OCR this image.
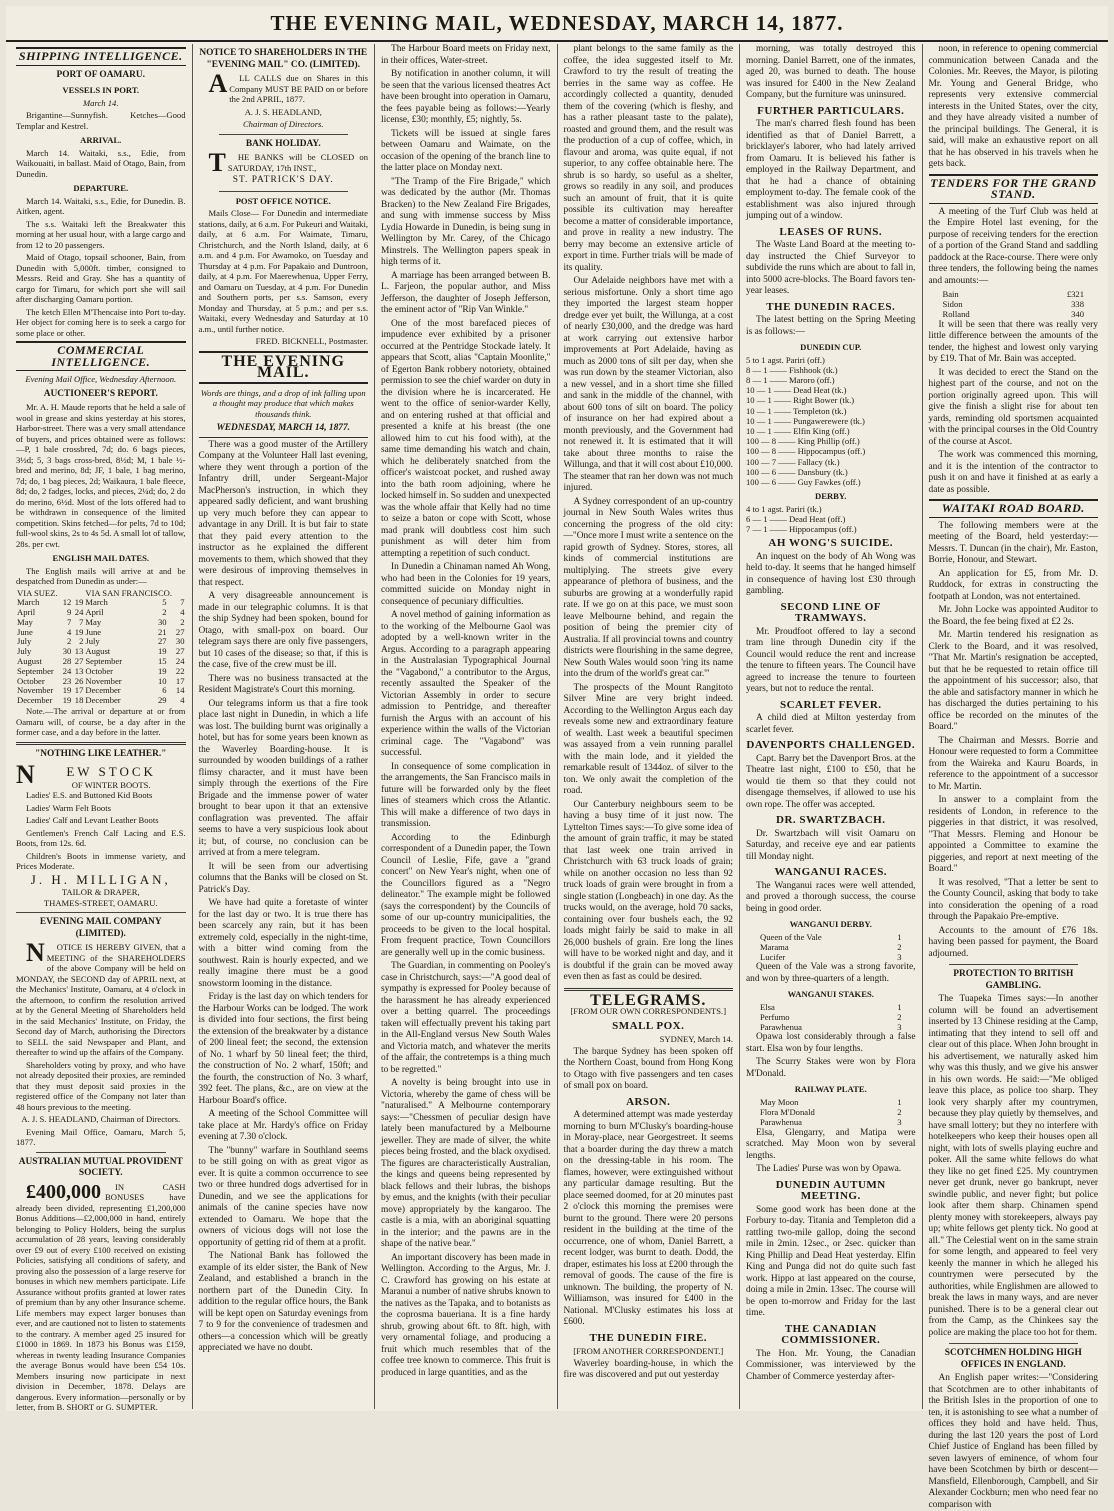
THE EVENING MAIL, WEDNESDAY, MARCH 14, 1877.
SHIPPING INTELLIGENCE.
PORT OF OAMARU.
VESSELS IN PORT.

March 14.

Brigantine—Sunnyfish. Ketches—Good Templar and Kestrel.

ARRIVAL.

March 14. Waitaki, s.s., Edie, from Waikouaiti, in ballast. Maid of Otago, Bain, from Dunedin.

DEPARTURE.

March 14. Waitaki, s.s., Edie, for Dunedin. B. Aitken, agent.

The s.s. Waitaki left the Breakwater this morning at her usual hour, with a large cargo and from 12 to 20 passengers.

Maid of Otago, topsail schooner, Bain, from Dunedin with 5,000ft. timber, consigned to Messrs. Reid and Gray. She has a quantity of cargo for Timaru, for which port she will sail after discharging Oamaru portion.

The ketch Ellen M'Thencaise into Port to-day. Her object for coming here is to seek a cargo for some place or other.

COMMERCIAL INTELLIGENCE.

Evening Mail Office, Wednesday Afternoon.

AUCTIONEER'S REPORT.

Mr. A. H. Maude reports that he held a sale of wool in grease and skins yesterday at his stores, Harbor-street. There was a very small attendance of buyers, and prices obtained were as follows:—P, 1 bale crossbred, 7d; do. 6 bags pieces, 3½d; 5, 3 bags cross-bred, 8½d; M, 1 bale ½-bred and merino, 8d; JF, 1 bale, 1 bag merino, 7d; do, 1 bag pieces, 2d; Waikaura, 1 bale fleece, 8d; do, 2 fadges, locks, and pieces, 2¼d; do, 2 do do merino, 6½d. Most of the lots offered had to be withdrawn in consequence of the limited competition. Skins fetched—for pelts, 7d to 10d; full-wool skins, 2s to 4s 5d. A small lot of tallow, 28s. per cwt.

ENGLISH MAIL DATES.

The English mails will arrive at and be despatched from Dunedin as under:—

VIA SUEZ.			VIA SAN FRANCISCO.		
March	12	19	March	5	7
April	9	24	April	2	4
May	7	7	May	30	2
June	4	19	June	21	27
July	2	2	July	27	30
July	30	13	August	19	27
August	28	27	September	15	24
September	24	13	October	19	22
October	23	26	November	10	17
November	19	17	December	6	14
December	19	18	December	29	4

Note.—The arrival or departure at or from Oamaru will, of course, be a day after in the former case, and a day before in the latter.

"NOTHING LIKE LEATHER."
N	EW STOCK
OF WINTER BOOTS.

Ladies' E.S. and Buttoned Kid Boots

Ladies' Warm Felt Boots

Ladies' Calf and Levant Leather Boots

Gentlemen's French Calf Lacing and E.S. Boots, from 12s. 6d.

Children's Boots in immense variety, and Prices Moderate.

J. H. MILLIGAN,
TAILOR & DRAPER,
THAMES-STREET, OAMARU.
EVENING MAIL COMPANY (LIMITED).

N OTICE IS HEREBY GIVEN, that a MEETING of the SHAREHOLDERS of the above Company will be held on MONDAY, the SECOND day of APRIL next, at the Mechanics' Institute, Oamaru, at 4 o'clock in the afternoon, to confirm the resolution arrived at by the General Meeting of Shareholders held in the said Mechanics' Institute, on Friday, the Second day of March, authorising the Directors to SELL the said Newspaper and Plant, and thereafter to wind up the affairs of the Company.

Shareholders voting by proxy, and who have not already deposited their proxies, are reminded that they must deposit said proxies in the registered office of the Company not later than 48 hours previous to the meeting.

A. J. S. HEADLAND, Chairman of Directors.

Evening Mail Office, Oamaru, March 5, 1877.

AUSTRALIAN MUTUAL PROVIDENT SOCIETY.

£400,000 IN CASH BONUSES have already been divided, representing £1,200,000 Bonus Additions—£2,000,000 in hand, entirely belonging to Policy Holders, being the surplus accumulation of 28 years, leaving considerably over £9 out of every £100 received on existing Policies, satisfying all conditions of safety, and proving also the possession of a large reserve for bonuses in which new members participate. Life Assurance without profits granted at lower rates of premium than by any other Insurance scheme. Life members may expect larger bonuses than ever, and are cautioned not to listen to statements to the contrary. A member aged 25 insured for £1000 in 1869. In 1873 his Bonus was £159, whereas in twenty leading Insurance Companies the average Bonus would have been £54 10s. Members insuring now participate in next division in December, 1878. Delays are dangerous. Every information—personally or by letter, from B. SHORT or G. SUMPTER.

NOTICE TO SHAREHOLDERS IN THE "EVENING MAIL" CO. (LIMITED).

A LL CALLS due on Shares in this Company MUST BE PAID on or before the 2nd APRIL, 1877.

A. J. S. HEADLAND,

Chairman of Directors.

BANK HOLIDAY.

T HE BANKS will be CLOSED on SATURDAY, 17th INST.,

ST. PATRICK'S DAY.
POST OFFICE NOTICE.

Mails Close— For Dunedin and intermediate stations, daily, at 6 a.m. For Pukeuri and Waitaki, daily, at 6 a.m. For Waimate, Timaru, Christchurch, and the North Island, daily, at 6 a.m. and 4 p.m. For Awamoko, on Tuesday and Thursday at 4 p.m. For Papakaio and Duntroon, daily, at 4 p.m. For Maerewhenua, Upper Ferry, and Oamaru on Tuesday, at 4 p.m. For Dunedin and Southern ports, per s.s. Samson, every Monday and Thursday, at 5 p.m.; and per s.s. Waitaki, every Wednesday and Saturday at 10 a.m., until further notice.

FRED. BICKNELL, Postmaster.

THE EVENING MAIL.

Words are things, and a drop of ink falling upon a thought may produce that which makes thousands think.

WEDNESDAY, MARCH 14, 1877.

There was a good muster of the Artillery Company at the Volunteer Hall last evening, where they went through a portion of the Infantry drill, under Sergeant-Major MacPherson's instruction, in which they appeared sadly deficient, and want brushing up very much before they can appear to advantage in any Drill. It is but fair to state that they paid every attention to the instructor as he explained the different movements to them, which showed that they were desirous of improving themselves in that respect.

A very disagreeable announcement is made in our telegraphic columns. It is that the ship Sydney had been spoken, bound for Otago, with small-pox on board. Our telegram says there are only five passengers, but 10 cases of the disease; so that, if this is the case, five of the crew must be ill.

There was no business transacted at the Resident Magistrate's Court this morning.

Our telegrams inform us that a fire took place last night in Dunedin, in which a life was lost. The building burnt was originally a hotel, but has for some years been known as the Waverley Boarding-house. It is surrounded by wooden buildings of a rather flimsy character, and it must have been simply through the exertions of the Fire Brigade and the immense power of water brought to bear upon it that an extensive conflagration was prevented. The affair seems to have a very suspicious look about it; but, of course, no conclusion can be arrived at from a mere telegram.

It will be seen from our advertising columns that the Banks will be closed on St. Patrick's Day.

We have had quite a foretaste of winter for the last day or two. It is true there has been scarcely any rain, but it has been extremely cold, especially in the night-time, with a bitter wind coming from the southwest. Rain is hourly expected, and we really imagine there must be a good snowstorm looming in the distance.

Friday is the last day on which tenders for the Harbour Works can be lodged. The work is divided into four sections, the first being the extension of the breakwater by a distance of 200 lineal feet; the second, the extension of No. 1 wharf by 50 lineal feet; the third, the construction of No. 2 wharf, 150ft; and the fourth, the construction of No. 3 wharf, 392 feet. The plans, &c., are on view at the Harbour Board's office.

A meeting of the School Committee will take place at Mr. Hardy's office on Friday evening at 7.30 o'clock.

The "bunny" warfare in Southland seems to be still going on with as great vigor as ever. It is quite a common occurrence to see two or three hundred dogs advertised for in Dunedin, and we see the applications for animals of the canine species have now extended to Oamaru. We hope that the owners of vicious dogs will not lose the opportunity of getting rid of them at a profit.

The National Bank has followed the example of its elder sister, the Bank of New Zealand, and established a branch in the northern part of the Dunedin City. In addition to the regular office hours, the Bank will be kept open on Saturday evenings from 7 to 9 for the convenience of tradesmen and others—a concession which will be greatly appreciated we have no doubt.

The Harbour Board meets on Friday next, in their offices, Water-street.

By notification in another column, it will be seen that the various licensed theatres Act have been brought into operation in Oamaru, the fees payable being as follows:—Yearly license, £30; monthly, £5; nightly, 5s.

Tickets will be issued at single fares between Oamaru and Waimate, on the occasion of the opening of the branch line to the latter place on Monday next.

"The Tramp of the Fire Brigade," which was dedicated by the author (Mr. Thomas Bracken) to the New Zealand Fire Brigades, and sung with immense success by Miss Lydia Howarde in Dunedin, is being sung in Wellington by Mr. Carey, of the Chicago Minstrels. The Wellington papers speak in high terms of it.

A marriage has been arranged between B. L. Farjeon, the popular author, and Miss Jefferson, the daughter of Joseph Jefferson, the eminent actor of "Rip Van Winkle."

One of the most barefaced pieces of impudence ever exhibited by a prisoner occurred at the Pentridge Stockade lately. It appears that Scott, alias "Captain Moonlite," of Egerton Bank robbery notoriety, obtained permission to see the chief warder on duty in the division where he is incarcerated. He went to the office of senior-warder Kelly, and on entering rushed at that official and presented a knife at his breast (the one allowed him to cut his food with), at the same time demanding his watch and chain, which he deliberately snatched from the officer's waistcoat pocket, and rushed away into the bath room adjoining, where he locked himself in. So sudden and unexpected was the whole affair that Kelly had no time to seize a baton or cope with Scott, whose mad prank will doubtless cost him such punishment as will deter him from attempting a repetition of such conduct.

In Dunedin a Chinaman named Ah Wong, who had been in the Colonies for 19 years, committed suicide on Monday night in consequence of pecuniary difficulties.

A novel method of gaining information as to the working of the Melbourne Gaol was adopted by a well-known writer in the Argus. According to a paragraph appearing in the Australasian Typographical Journal the "Vagabond," a contributor to the Argus, recently assaulted the Speaker of the Victorian Assembly in order to secure admission to Pentridge, and thereafter furnish the Argus with an account of his experience within the walls of the Victorian criminal cage. The "Vagabond" was successful.

In consequence of some complication in the arrangements, the San Francisco mails in future will be forwarded only by the fleet lines of steamers which cross the Atlantic. This will make a difference of two days in transmission.

According to the Edinburgh correspondent of a Dunedin paper, the Town Council of Leslie, Fife, gave a "grand concert" on New Year's night, when one of the Councillors figured as a "Negro delineator." The example might be followed (says the correspondent) by the Councils of some of our up-country municipalities, the proceeds to be given to the local hospital. From frequent practice, Town Councillors are generally well up in the comic business.

The Guardian, in commenting on Pooley's case in Christchurch, says:—"A good deal of sympathy is expressed for Pooley because of the harassment he has already experienced over a betting quarrel. The proceedings taken will effectually prevent his taking part in the All-England versus New South Wales and Victoria match, and whatever the merits of the affair, the contretemps is a thing much to be regretted."

A novelty is being brought into use in Victoria, whereby the game of chess will be "naturalised." A Melbourne contemporary says:—"Chessmen of peculiar design have lately been manufactured by a Melbourne jeweller. They are made of silver, the white pieces being frosted, and the black oxydised. The figures are characteristically Australian, the kings and queens being represented by black fellows and their lubras, the bishops by emus, and the knights (with their peculiar move) appropriately by the kangaroo. The castle is a mia, with an aboriginal squatting in the interior; and the pawns are in the shape of the native bear."

An important discovery has been made in Wellington. According to the Argus, Mr. J. C. Crawford has growing on his estate at Maranui a number of native shrubs known to the natives as the Tapaka, and to botanists as the coprosma baueriana. It is a fine hardy shrub, growing about 6ft. to 8ft. high, with very ornamental foliage, and producing a fruit which much resembles that of the coffee tree known to commerce. This fruit is produced in large quantities, and as the

plant belongs to the same family as the coffee, the idea suggested itself to Mr. Crawford to try the result of treating the berries in the same way as coffee. He accordingly collected a quantity, denuded them of the covering (which is fleshy, and has a rather pleasant taste to the palate), roasted and ground them, and the result was the production of a cup of coffee, which, in flavour and aroma, was quite equal, if not superior, to any coffee obtainable here. The shrub is so hardy, so useful as a shelter, grows so readily in any soil, and produces such an amount of fruit, that it is quite possible its cultivation may hereafter become a matter of considerable importance, and prove in reality a new industry. The berry may become an extensive article of export in time. Further trials will be made of its quality.

Our Adelaide neighbors have met with a serious misfortune. Only a short time ago they imported the largest steam hopper dredge ever yet built, the Willunga, at a cost of nearly £30,000, and the dredge was hard at work carrying out extensive harbor improvements at Port Adelaide, having as much as 2000 tons of silt per day, when she was run down by the steamer Victorian, also a new vessel, and in a short time she filled and sank in the middle of the channel, with about 600 tons of silt on board. The policy of insurance on her had expired about a month previously, and the Government had not renewed it. It is estimated that it will take about three months to raise the Willunga, and that it will cost about £10,000. The steamer that ran her down was not much injured.

A Sydney correspondent of an up-country journal in New South Wales writes thus concerning the progress of the old city:—"Once more I must write a sentence on the rapid growth of Sydney. Stores, stores, all kinds of commercial institutions are multiplying. The streets give every appearance of plethora of business, and the suburbs are growing at a wonderfully rapid rate. If we go on at this pace, we must soon leave Melbourne behind, and regain the position of being the premier city of Australia. If all provincial towns and country districts were flourishing in the same degree, New South Wales would soon 'ring its name into the drum of the world's great car.'"

The prospects of the Mount Rangitoto Silver Mine are very bright indeed. According to the Wellington Argus each day reveals some new and extraordinary feature of wealth. Last week a beautiful specimen was assayed from a vein running parallel with the main lode, and it yielded the remarkable result of 1344oz. of silver to the ton. We only await the completion of the road.

Our Canterbury neighbours seem to be having a busy time of it just now. The Lyttelton Times says:—To give some idea of the amount of grain traffic, it may be stated that last week one train arrived in Christchurch with 63 truck loads of grain; while on another occasion no less than 92 truck loads of grain were brought in from a single station (Longbeach) in one day. As the trucks would, on the average, hold 70 sacks, containing over four bushels each, the 92 loads might fairly be said to make in all 26,000 bushels of grain. Ere long the lines will have to be worked night and day, and it is doubtful if the grain can be moved away even then as fast as could be desired.

TELEGRAMS.

[FROM OUR OWN CORRESPONDENTS.]

SMALL POX.

SYDNEY, March 14.

The barque Sydney has been spoken off the Northern Coast, bound from Hong Kong to Otago with five passengers and ten cases of small pox on board.

ARSON.

A determined attempt was made yesterday morning to burn M'Clusky's boarding-house in Moray-place, near Georgestreet. It seems that a boarder during the day threw a match on the dressing-table in his room. The flames, however, were extinguished without any particular damage resulting. But the place seemed doomed, for at 20 minutes past 2 o'clock this morning the premises were burnt to the ground. There were 20 persons resident in the building at the time of the occurrence, one of whom, Daniel Barrett, a recent lodger, was burnt to death. Dodd, the draper, estimates his loss at £200 through the removal of goods. The cause of the fire is unknown. The building, the property of N. Williamson, was insured for £400 in the National. M'Clusky estimates his loss at £600.

THE DUNEDIN FIRE.

[FROM ANOTHER CORRESPONDENT.]

Waverley boarding-house, in which the fire was discovered and put out yesterday

morning, was totally destroyed this morning. Daniel Barrett, one of the inmates, aged 20, was burned to death. The house was insured for £400 in the New Zealand Company, but the furniture was uninsured.

FURTHER PARTICULARS.

The man's charred flesh found has been identified as that of Daniel Barrett, a bricklayer's laborer, who had lately arrived from Oamaru. It is believed his father is employed in the Railway Department, and that he had a chance of obtaining employment to-day. The female cook of the establishment was also injured through jumping out of a window.

LEASES OF RUNS.

The Waste Land Board at the meeting to-day instructed the Chief Surveyor to subdivide the runs which are about to fall in, into 5000 acre-blocks. The Board favors ten-year leases.

THE DUNEDIN RACES.

The latest betting on the Spring Meeting is as follows:—

DUNEDIN CUP.
5 to 1 agst. Pariri (off.)
8 — 1 —— Fishhook (tk.)
8 — 1 —— Maroro (off.)
10 — 1 —— Dead Heat (tk.)
10 — 1 —— Right Bower (tk.)
10 — 1 —— Templeton (tk.)
10 — 1 —— Pungawerewere (tk.)
10 — 1 —— Elfin King (off.)
100 — 8 —— King Phillip (off.)
100 — 8 —— Hippocampus (off.)
100 — 7 —— Fallacy (tk.)
100 — 6 —— Dansbury (tk.)
100 — 6 —— Guy Fawkes (off.)
DERBY.
4 to 1 agst. Pariri (tk.)
6 — 1 —— Dead Heat (off.)
7 — 1 —— Hippocampus (off.)
AH WONG'S SUICIDE.

An inquest on the body of Ah Wong was held to-day. It seems that he hanged himself in consequence of having lost £30 through gambling.

SECOND LINE OF TRAMWAYS.

Mr. Proudfoot offered to lay a second tram line through Dunedin city if the Council would reduce the rent and increase the tenure to fifteen years. The Council have agreed to increase the tenure to fourteen years, but not to reduce the rental.

SCARLET FEVER.

A child died at Milton yesterday from scarlet fever.

DAVENPORTS CHALLENGED.

Capt. Barry bet the Davenport Bros. at the Theatre last night, £100 to £50, that he would tie them so that they could not disengage themselves, if allowed to use his own rope. The offer was accepted.

DR. SWARTZBACH.

Dr. Swartzbach will visit Oamaru on Saturday, and receive eye and ear patients till Monday night.

WANGANUI RACES.

The Wanganui races were well attended, and proved a thorough success, the course being in good order.

WANGANUI DERBY.
Queen of the Vale	1
Marama	2
Lucifer	3

Queen of the Vale was a strong favorite, and won by three-quarters of a length.

WANGANUI STAKES.
Elsa	1
Perfumo	2
Parawhenua	3

Opawa lost considerably through a false start. Elsa won by four lengths.

The Scurry Stakes were won by Flora M'Donald.

RAILWAY PLATE.
May Moon	1
Flora M'Donald	2
Parawhenua	3

Elsa, Glengarry, and Matipa were scratched. May Moon won by several lengths.

The Ladies' Purse was won by Opawa.

DUNEDIN AUTUMN MEETING.

Some good work has been done at the Forbury to-day. Titania and Templeton did a rattling two-mile gallop, doing the second mile in 2min. 12sec., or 2sec. quicker than King Phillip and Dead Heat yesterday. Elfin King and Punga did not do quite such fast work. Hippo at last appeared on the course, doing a mile in 2min. 13sec. The course will be open to-morrow and Friday for the last time.

THE CANADIAN COMMISSIONER.

The Hon. Mr. Young, the Canadian Commissioner, was interviewed by the Chamber of Commerce yesterday after-

noon, in reference to opening commercial communication between Canada and the Colonies. Mr. Reeves, the Mayor, is piloting Mr. Young and General Bridge, who represents very extensive commercial interests in the United States, over the city, and they have already visited a number of the principal buildings. The General, it is said, will make an exhaustive report on all that he has observed in his travels when he gets back.

TENDERS FOR THE GRAND STAND.

A meeting of the Turf Club was held at the Empire Hotel last evening, for the purpose of receiving tenders for the erection of a portion of the Grand Stand and saddling paddock at the Race-course. There were only three tenders, the following being the names and amounts:—

Bain	£321
Sidon	338
Rolland	340

It will be seen that there was really very little difference between the amounts of the tender, the highest and lowest only varying by £19. That of Mr. Bain was accepted.

It was decided to erect the Stand on the highest part of the course, and not on the portion originally agreed upon. This will give the finish a slight rise for about ten yards, reminding old sportsmen acquainted with the principal courses in the Old Country of the course at Ascot.

The work was commenced this morning, and it is the intention of the contractor to push it on and have it finished at as early a date as possible.

WAITAKI ROAD BOARD.

The following members were at the meeting of the Board, held yesterday:—Messrs. T. Duncan (in the chair), Mr. Easton, Borrie, Honour, and Stewart.

An application for £5, from Mr. D. Ruddock, for extras in constructing the footpath at London, was not entertained.

Mr. John Locke was appointed Auditor to the Board, the fee being fixed at £2 2s.

Mr. Martin tendered his resignation as Clerk to the Board, and it was resolved, "That Mr. Martin's resignation be accepted, but that he be requested to retain office till the appointment of his successor; also, that the able and satisfactory manner in which he has discharged the duties pertaining to his office be recorded on the minutes of the Board."

The Chairman and Messrs. Borrie and Honour were requested to form a Committee from the Waireka and Kauru Boards, in reference to the appointment of a successor to Mr. Martin.

In answer to a complaint from the residents of London, in reference to the piggeries in that district, it was resolved, "That Messrs. Fleming and Honour be appointed a Committee to examine the piggeries, and report at next meeting of the Board."

It was resolved, "That a letter be sent to the County Council, asking that body to take into consideration the opening of a road through the Papakaio Pre-emptive.

Accounts to the amount of £76 18s. having been passed for payment, the Board adjourned.

PROTECTION TO BRITISH GAMBLING.

The Tuapeka Times says:—In another column will be found an advertisement inserted by 13 Chinese residing at the Camp, intimating that they intend to sell off and clear out of this place. When John brought in his advertisement, we naturally asked him why was this thusly, and we give his answer in his own words. He said:—"Me obliged leave this place, as police too sharp. They look very sharply after my countrymen, because they play quietly by themselves, and have small lottery; but they no interfere with hotelkeepers who keep their houses open all night, with lots of swells playing euchre and poker. All the same white fellows do what they like no get fined £25. My countrymen never get drunk, never go bankrupt, never swindle public, and never fight; but police look after them sharp. Chinamen spend plenty money with storekeepers, always pay up; white fellows get plenty tick. No good at all." The Celestial went on in the same strain for some length, and appeared to feel very keenly the manner in which he alleged his countrymen were persecuted by the authorities, while Englishmen are allowed to break the laws in many ways, and are never punished. There is to be a general clear out from the Camp, as the Chinkees say the police are making the place too hot for them.

SCOTCHMEN HOLDING HIGH OFFICES IN ENGLAND.

An English paper writes:—"Considering that Scotchmen are to other inhabitants of the British Isles in the proportion of one to ten, it is astonishing to see what a number of offices they hold and have held. Thus, during the last 120 years the post of Lord Chief Justice of England has been filled by seven lawyers of eminence, of whom four have been Scotchmen by birth or descent—Mansfield, Ellenborough, Campbell, and Sir Alexander Cockburn; men who need fear no comparison with
